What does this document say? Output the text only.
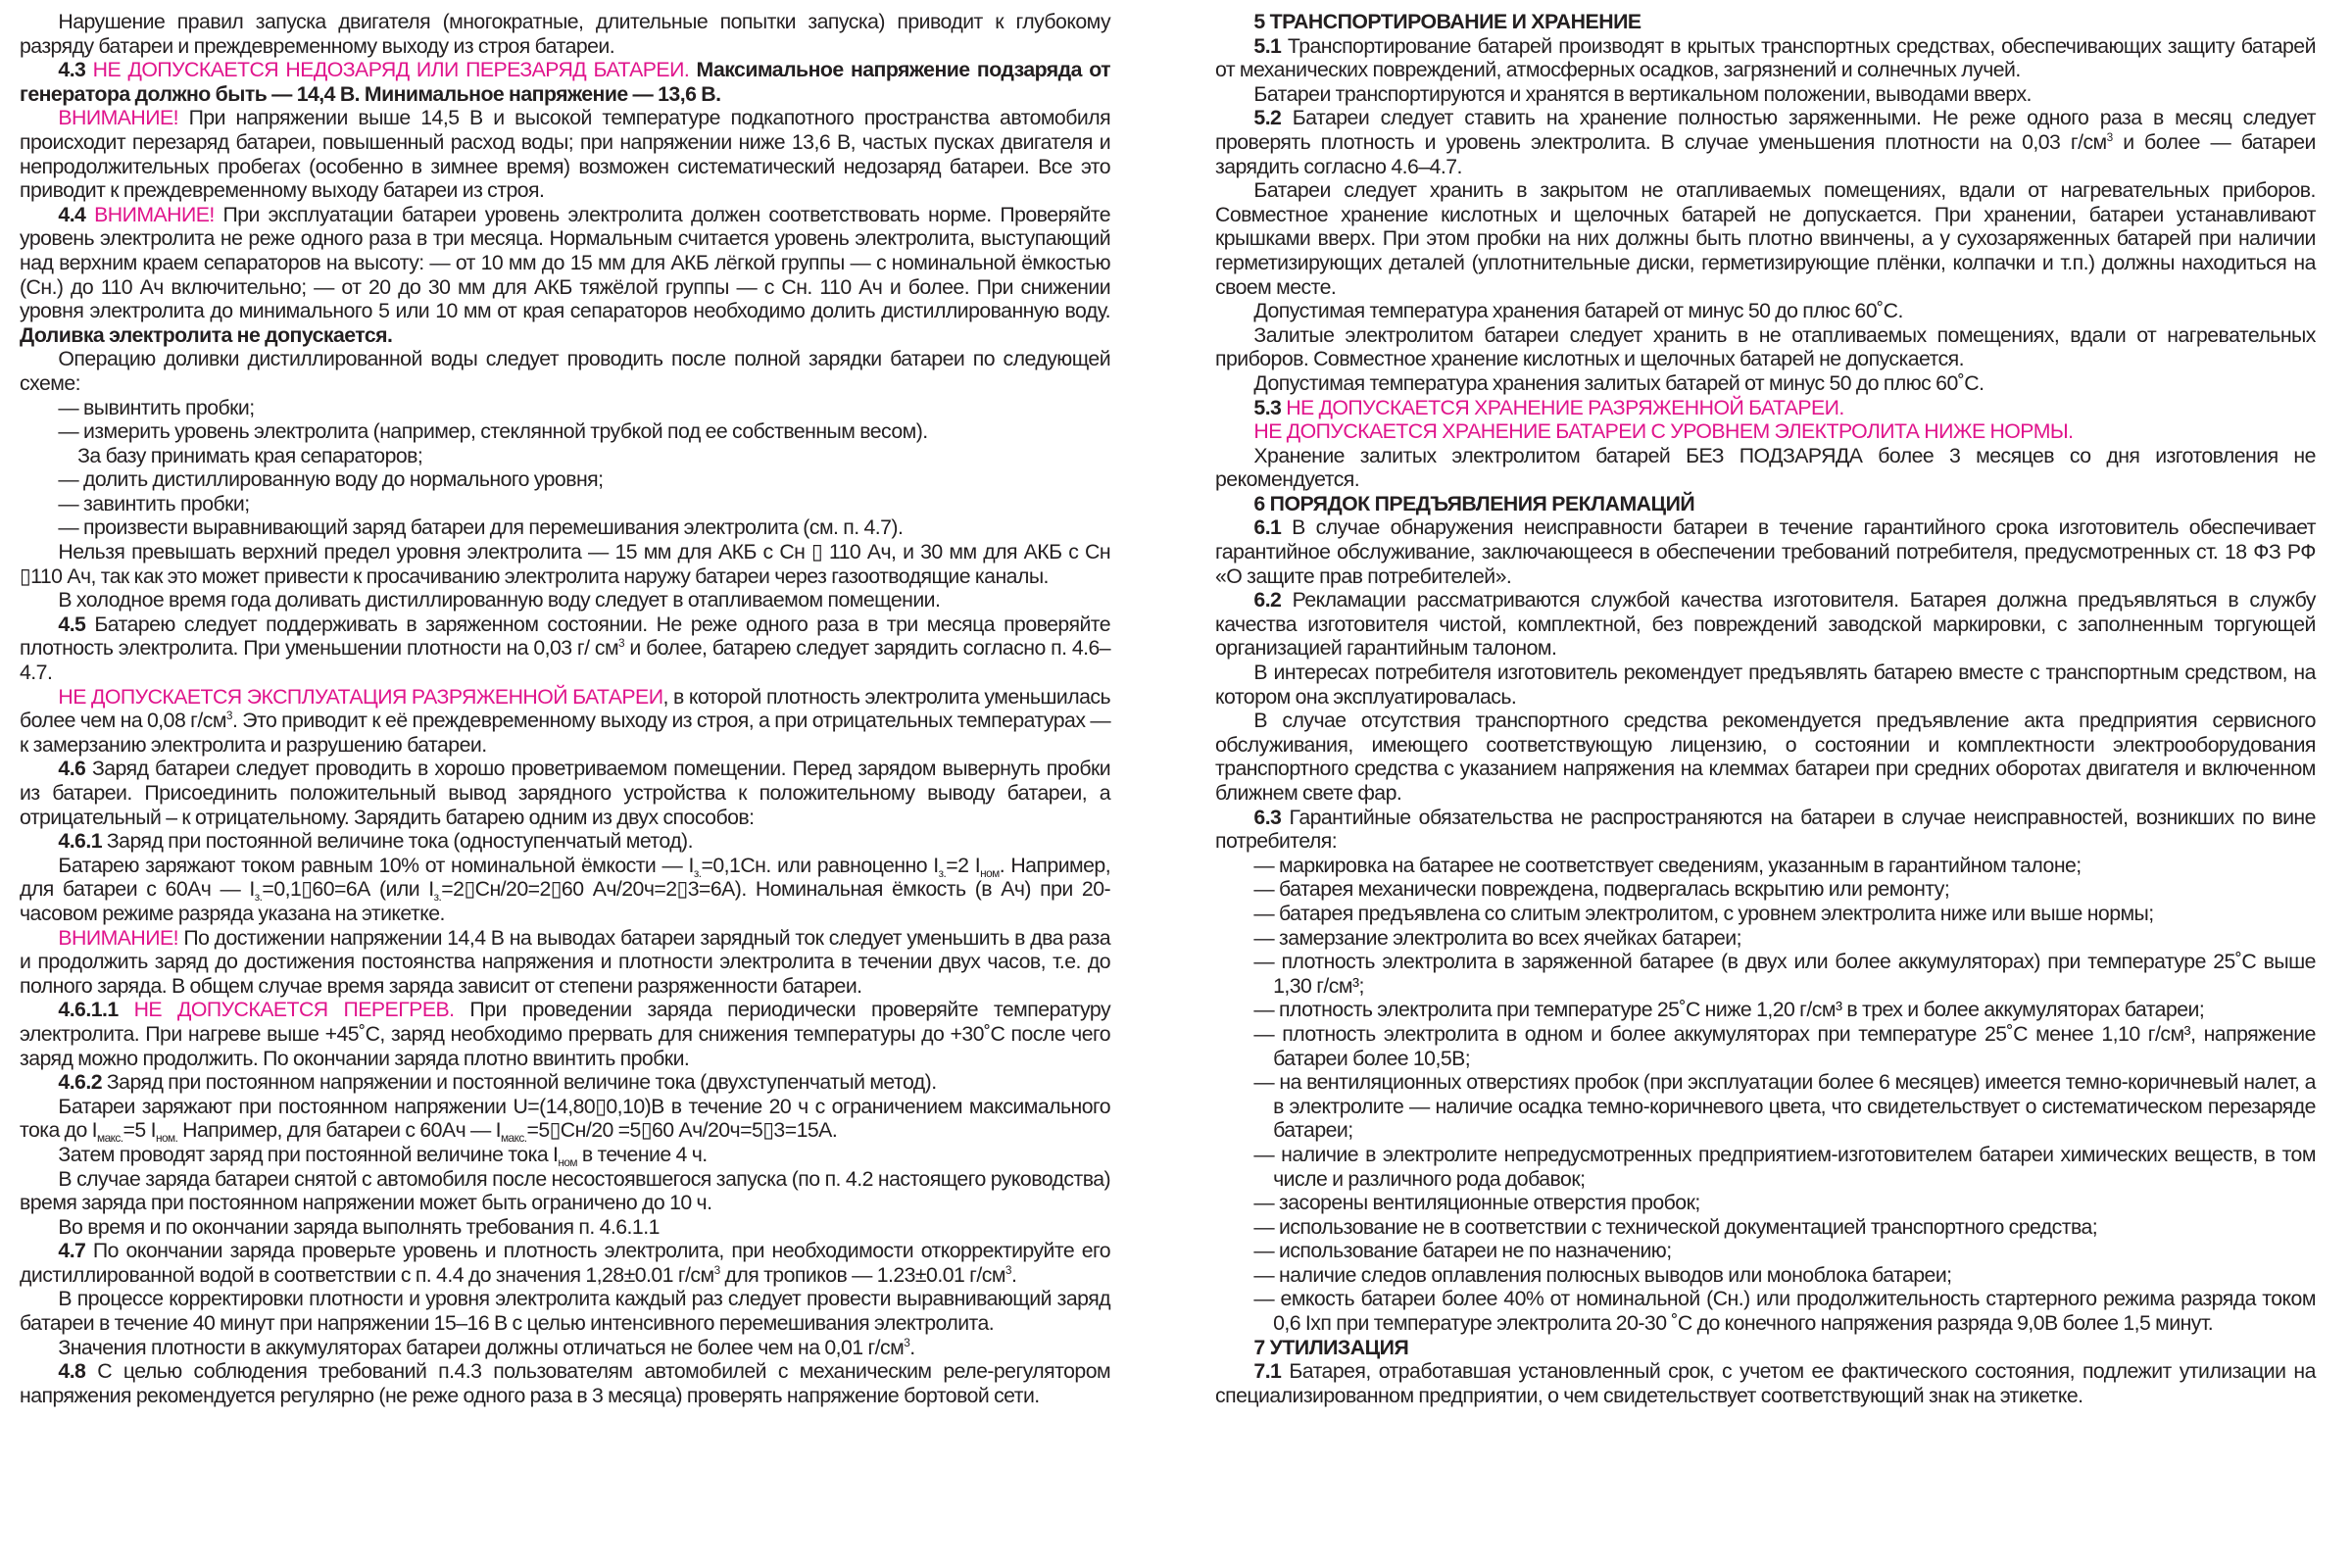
Нарушение правил запуска двигателя (многократные, длительные попытки запуска) приводит к глубокому разряду батареи и преждевременному выходу из строя батареи.

4.3 НЕ ДОПУСКАЕТСЯ НЕДОЗАРЯД ИЛИ ПЕРЕЗАРЯД БАТАРЕИ. Максимальное напряжение подзаряда от генератора должно быть — 14,4 В. Минимальное напряжение — 13,6 В.

ВНИМАНИЕ! При напряжении выше 14,5 В и высокой температуре подкапотного пространства автомобиля происходит перезаряд батареи, повышенный расход воды; при напряжении ниже 13,6 В, частых пусках двигателя и непродолжительных пробегах (особенно в зимнее время) возможен систематический недозаряд батареи. Все это приводит к преждевременному выходу батареи из строя.

4.4 ВНИМАНИЕ! При эксплуатации батареи уровень электролита должен соответствовать норме. Проверяйте уровень электролита не реже одного раза в три месяца. Нормальным считается уровень электролита, выступающий над верхним краем сепараторов на высоту: — от 10 мм до 15 мм для АКБ лёгкой группы — с номинальной ёмкостью (Сн.) до 110 Ач включительно; — от 20 до 30 мм для АКБ тяжёлой группы — с Сн. 110 Ач и более. При снижении уровня электролита до минимального 5 или 10 мм от края сепараторов необходимо долить дистиллированную воду. Доливка электролита не допускается.

Операцию доливки дистиллированной воды следует проводить после полной зарядки батареи по следующей схеме:

— вывинтить пробки;
— измерить уровень электролита (например, стеклянной трубкой под ее собственным весом).
За базу принимать края сепараторов;
— долить дистиллированную воду до нормального уровня;
— завинтить пробки;
— произвести выравнивающий заряд батареи для перемешивания электролита (см. п. 4.7).

Нельзя превышать верхний предел уровня электролита — 15 мм для АКБ с Сн ▯ 110 Ач, и 30 мм для АКБ с Сн ▯110 Ач, так как это может привести к просачиванию электролита наружу батареи через газоотводящие каналы.

В холодное время года доливать дистиллированную воду следует в отапливаемом помещении.

4.5 Батарею следует поддерживать в заряженном состоянии. Не реже одного раза в три месяца проверяйте плотность электролита. При уменьшении плотности на 0,03 г/ $см^3$ и более, батарею следует зарядить согласно п. 4.6–4.7.

НЕ ДОПУСКАЕТСЯ ЭКСПЛУАТАЦИЯ РАЗРЯЖЕННОЙ БАТАРЕИ, в которой плотность электролита уменьшилась более чем на 0,08 $г/см^3$. Это приводит к её преждевременному выходу из строя, а при отрицательных температурах — к замерзанию электролита и разрушению батареи.

4.6 Заряд батареи следует проводить в хорошо проветриваемом помещении. Перед зарядом вывернуть пробки из батареи. Присоединить положительный вывод зарядного устройства к положительному выводу батареи, а отрицательный – к отрицательному. Зарядить батарею одним из двух способов:

4.6.1 Заряд при постоянной величине тока (одноступенчатый метод).

Батарею заряжают током равным 10% от номинальной ёмкости — $I_{з.}=0,1Сн$. или равноценно $I_{з.}=2$ $I_{ном}$. Например, для батареи с 60Ач — $I_{з.}=0,1▯60=6А$ (или $I_{з.}=2▯Сн/20=2▯60$ Ач/20ч=2▯3=6А). Номинальная ёмкость (в Ач) при 20-часовом режиме разряда указана на этикетке.

ВНИМАНИЕ! По достижении напряжении 14,4 В на выводах батареи зарядный ток следует уменьшить в два раза и продолжить заряд до достижения постоянства напряжения и плотности электролита в течении двух часов, т.е. до полного заряда. В общем случае время заряда зависит от степени разряженности батареи.

4.6.1.1 НЕ ДОПУСКАЕТСЯ ПЕРЕГРЕВ. При проведении заряда периодически проверяйте температуру электролита. При нагреве выше +45˚С, заряд необходимо прервать для снижения температуры до +30˚С после чего заряд можно продолжить. По окончании заряда плотно ввинтить пробки.

4.6.2 Заряд при постоянном напряжении и постоянной величине тока (двухступенчатый метод).

Батареи заряжают при постоянном напряжении U=(14,80▯0,10)В в течение 20 ч с ограничением максимального тока до $I_{макс.}=5$ $I_{ном.}$ Например, для батареи с 60Ач — $I_{макс.}=5▯Сн/20$ =5▯60 Ач/20ч=5▯3=15А.

Затем проводят заряд при постоянной величине тока $I_{ном}$ в течение 4 ч.

В случае заряда батареи снятой с автомобиля после несостоявшегося запуска (по п. 4.2 настоящего руководства) время заряда при постоянном напряжении может быть ограничено до 10 ч.

Во время и по окончании заряда выполнять требования п. 4.6.1.1

4.7 По окончании заряда проверьте уровень и плотность электролита, при необходимости откорректируйте его дистиллированной водой в соответствии с п. 4.4 до значения 1,28±0.01 $г/см^3$ для тропиков — 1.23±0.01 $г/см^3$.

В процессе корректировки плотности и уровня электролита каждый раз следует провести выравнивающий заряд батареи в течение 40 минут при напряжении 15–16 В с целью интенсивного перемешивания электролита.

Значения плотности в аккумуляторах батареи должны отличаться не более чем на 0,01 $г/см^3$.

4.8 С целью соблюдения требований п.4.3 пользователям автомобилей с механическим реле-регулятором напряжения рекомендуется регулярно (не реже одного раза в 3 месяца) проверять напряжение бортовой сети.

5 ТРАНСПОРТИРОВАНИЕ И ХРАНЕНИЕ

5.1 Транспортирование батарей производят в крытых транспортных средствах, обеспечивающих защиту батарей от механических повреждений, атмосферных осадков, загрязнений и солнечных лучей.

Батареи транспортируются и хранятся в вертикальном положении, выводами вверх.

5.2 Батареи следует ставить на хранение полностью заряженными. Не реже одного раза в месяц следует проверять плотность и уровень электролита. В случае уменьшения плотности на 0,03 $г/см^3$ и более — батареи зарядить согласно 4.6–4.7.

Батареи следует хранить в закрытом не отапливаемых помещениях, вдали от нагревательных приборов. Совместное хранение кислотных и щелочных батарей не допускается. При хранении, батареи устанавливают крышками вверх. При этом пробки на них должны быть плотно ввинчены, а у сухозаряженных батарей при наличии герметизирующих деталей (уплотнительные диски, герметизирующие плёнки, колпачки и т.п.) должны находиться на своем месте.

Допустимая температура хранения батарей от минус 50 до плюс 60˚С.

Залитые электролитом батареи следует хранить в не отапливаемых помещениях, вдали от нагревательных приборов. Совместное хранение кислотных и щелочных батарей не допускается.

Допустимая температура хранения залитых батарей от минус 50 до плюс 60˚С.

5.3 НЕ ДОПУСКАЕТСЯ ХРАНЕНИЕ РАЗРЯЖЕННОЙ БАТАРЕИ.

НЕ ДОПУСКАЕТСЯ ХРАНЕНИЕ БАТАРЕИ С УРОВНЕМ ЭЛЕКТРОЛИТА НИЖЕ НОРМЫ.

Хранение залитых электролитом батарей БЕЗ ПОДЗАРЯДА более 3 месяцев со дня изготовления не рекомендуется.

6 ПОРЯДОК ПРЕДЪЯВЛЕНИЯ РЕКЛАМАЦИЙ

6.1 В случае обнаружения неисправности батареи в течение гарантийного срока изготовитель обеспечивает гарантийное обслуживание, заключающееся в обеспечении требований потребителя, предусмотренных ст. 18 ФЗ РФ «О защите прав потребителей».

6.2 Рекламации рассматриваются службой качества изготовителя. Батарея должна предъявляться в службу качества изготовителя чистой, комплектной, без повреждений заводской маркировки, с заполненным торгующей организацией гарантийным талоном.

В интересах потребителя изготовитель рекомендует предъявлять батарею вместе с транспортным средством, на котором она эксплуатировалась.

В случае отсутствия транспортного средства рекомендуется предъявление акта предприятия сервисного обслуживания, имеющего соответствующую лицензию, о состоянии и комплектности электрооборудования транспортного средства с указанием напряжения на клеммах батареи при средних оборотах двигателя и включенном ближнем свете фар.

6.3 Гарантийные обязательства не распространяются на батареи в случае неисправностей, возникших по вине потребителя:

— маркировка на батарее не соответствует сведениям, указанным в гарантийном талоне;
— батарея механически повреждена, подвергалась вскрытию или ремонту;
— батарея предъявлена со слитым электролитом, с уровнем электролита ниже или выше нормы;
— замерзание электролита во всех ячейках батареи;
— плотность электролита в заряженной батарее (в двух или более аккумуляторах) при температуре 25˚С выше 1,30 г/см³;
— плотность электролита при температуре 25˚С ниже 1,20 г/см³ в трех и более аккумуляторах батареи;
— плотность электролита в одном и более аккумуляторах при температуре 25˚С менее 1,10 г/см³, напряжение батареи более 10,5В;
— на вентиляционных отверстиях пробок (при эксплуатации более 6 месяцев) имеется темно-коричневый налет, а в электролите — наличие осадка темно-коричневого цвета, что свидетельствует о систематическом перезаряде батареи;
— наличие в электролите непредусмотренных предприятием-изготовителем батареи химических веществ, в том числе и различного рода добавок;
— засорены вентиляционные отверстия пробок;
— использование не в соответствии с технической документацией транспортного средства;
— использование батареи не по назначению;
— наличие следов оплавления полюсных выводов или моноблока батареи;
— емкость батареи более 40% от номинальной (Сн.) или продолжительность стартерного режима разряда током 0,6 Iхп при температуре электролита 20-30 ˚С до конечного напряжения разряда 9,0В более 1,5 минут.
7 УТИЛИЗАЦИЯ

7.1 Батарея, отработавшая установленный срок, с учетом ее фактического состояния, подлежит утилизации на специализированном предприятии, о чем свидетельствует соответствующий знак на этикетке.
